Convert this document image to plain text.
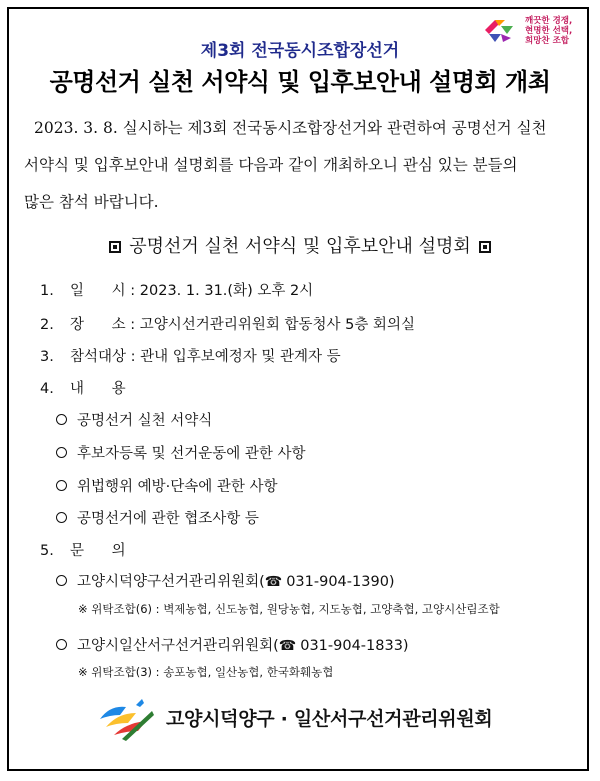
깨끗한 경쟁,
현명한 선택,
희망찬 조합
제3회 전국동시조합장선거
공명선거 실천 서약식 및 입후보안내 설명회 개최
2023. 3. 8. 실시하는 제3회 전국동시조합장선거와 관련하여 공명선거 실천
서약식 및 입후보안내 설명회를 다음과 같이 개최하오니 관심 있는 분들의
많은 참석 바랍니다.
공명선거 실천 서약식 및 입후보안내 설명회
1. 일      시 : 2023. 1. 31.(화) 오후 2시
2. 장      소 : 고양시선거관리위원회 합동청사 5층 회의실
3. 참석대상 : 관내 입후보예정자 및 관계자 등
4. 내      용
공명선거 실천 서약식
후보자등록 및 선거운동에 관한 사항
위법행위 예방·단속에 관한 사항
공명선거에 관한 협조사항 등
5. 문      의
고양시덕양구선거관리위원회(☎ 031-904-1390)
※ 위탁조합(6) : 벽제농협, 신도농협, 원당농협, 지도농협, 고양축협, 고양시산림조합
고양시일산서구선거관리위원회(☎ 031-904-1833)
※ 위탁조합(3) : 송포농협, 일산농협, 한국화훼농협
고양시덕양구 · 일산서구선거관리위원회
